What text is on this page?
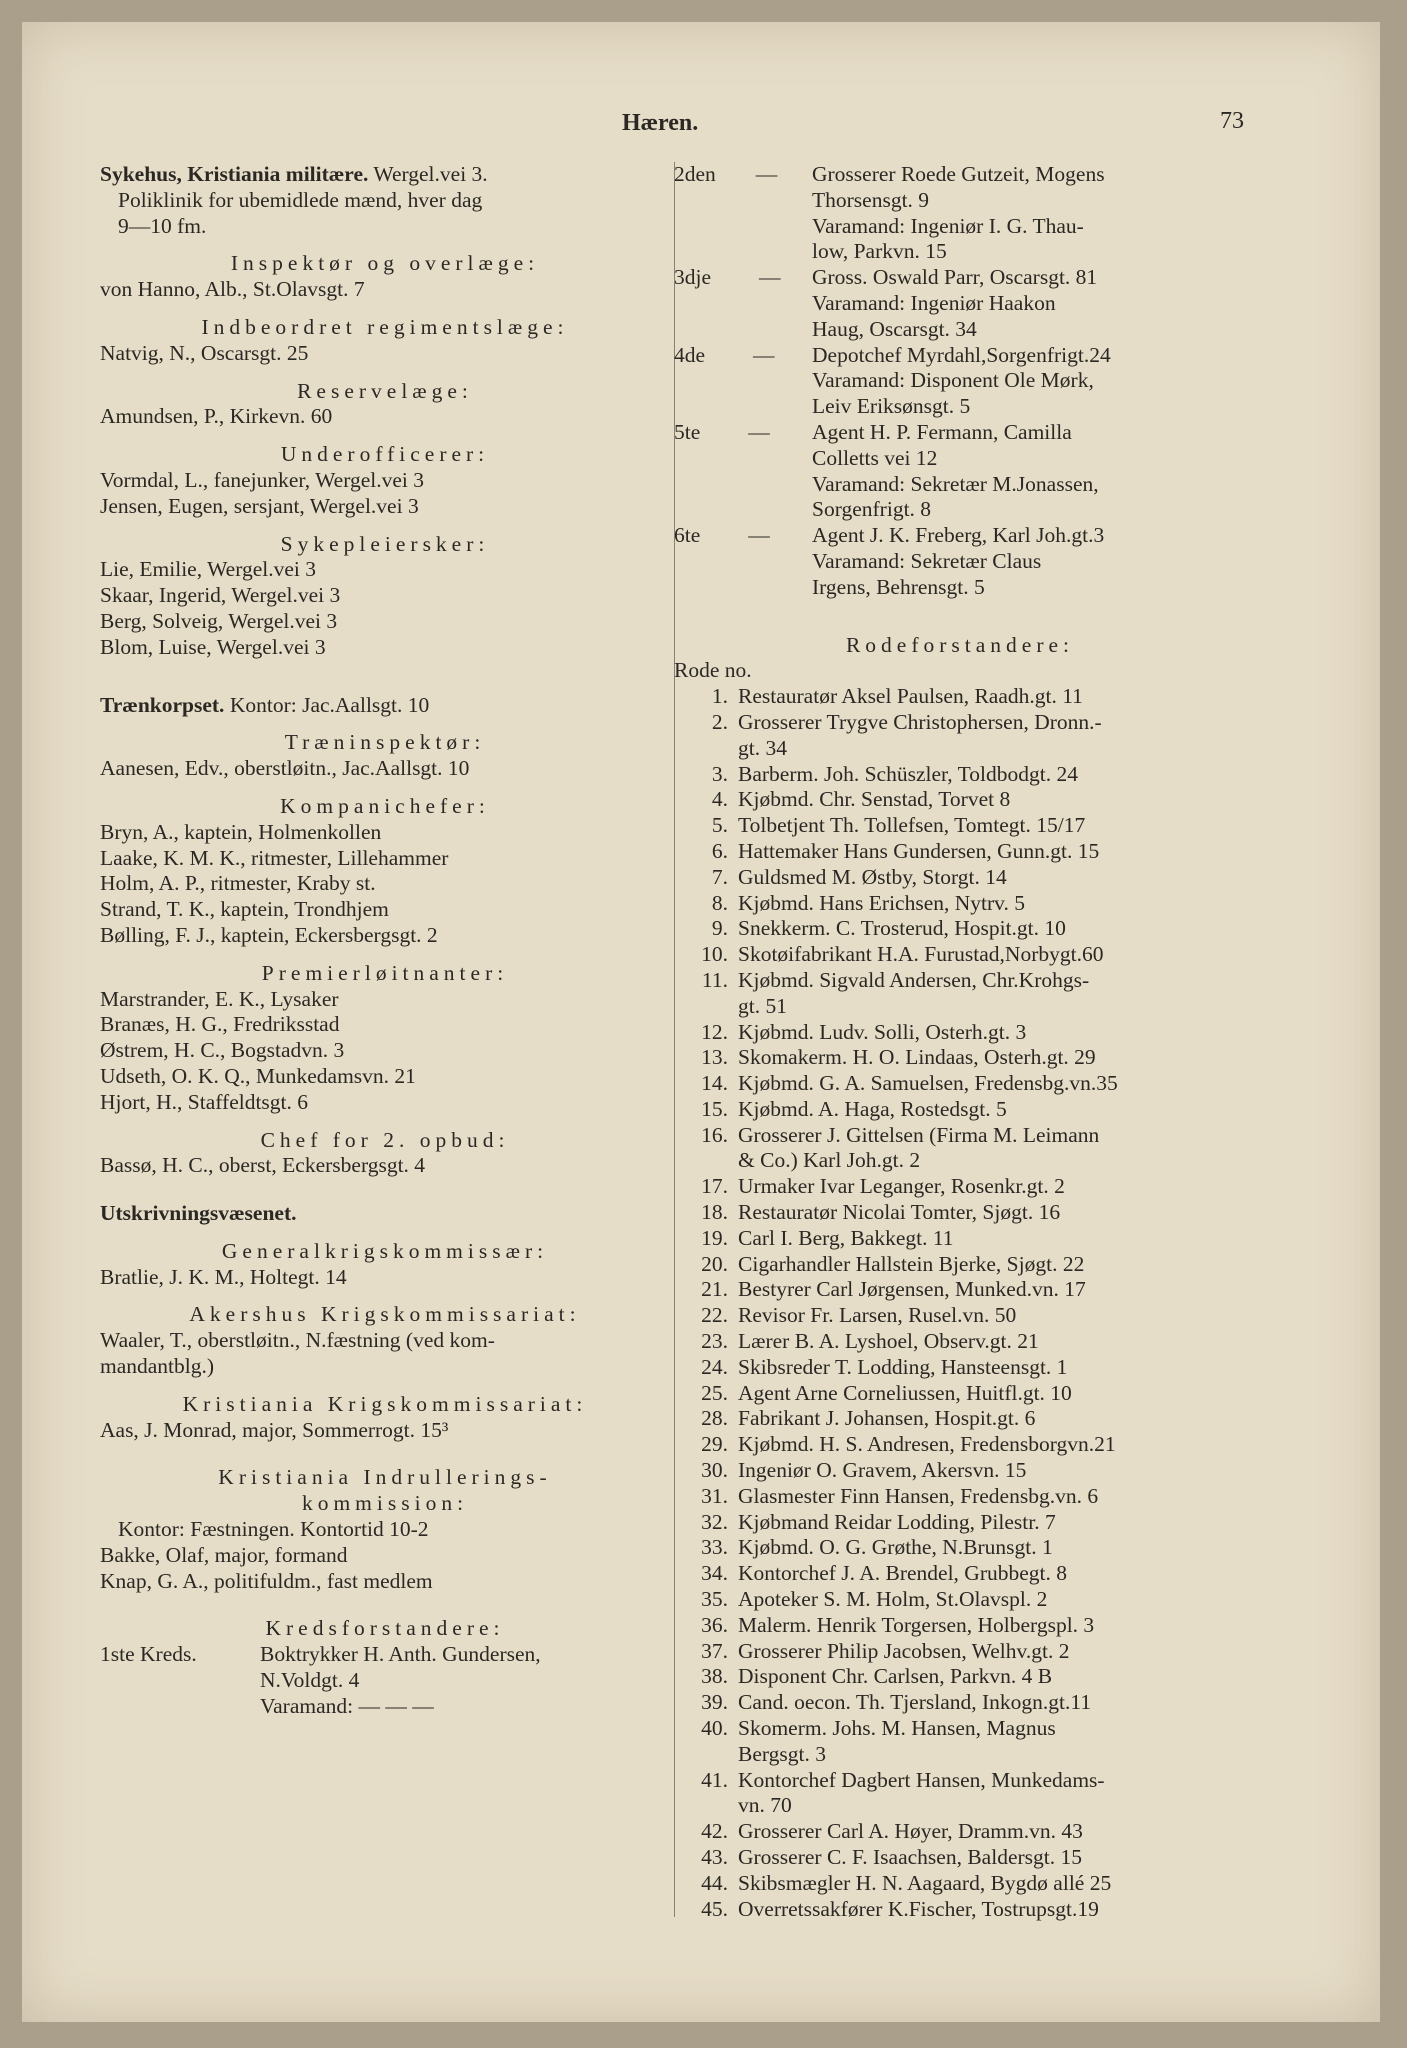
Hæren.	73
Sykehus, Kristiania militære. Wergel.vei 3.
Poliklinik for ubemidlede mænd, hver dag
9—10 fm.
Inspektør og overlæge:
von Hanno, Alb., St.Olavsgt. 7
Indbeordret regimentslæge:
Natvig, N., Oscarsgt. 25
Reservelæge:
Amundsen, P., Kirkevn. 60
Underofficerer:
Vormdal, L., fanejunker, Wergel.vei 3
Jensen, Eugen, sersjant, Wergel.vei 3
Sykepleiersker:
Lie, Emilie, Wergel.vei 3
Skaar, Ingerid, Wergel.vei 3
Berg, Solveig, Wergel.vei 3
Blom, Luise, Wergel.vei 3
Trænkorpset. Kontor: Jac.Aallsgt. 10
Træninspektør:
Aanesen, Edv., oberstløitn., Jac.Aallsgt. 10
Kompanichefer:
Bryn, A., kaptein, Holmenkollen
Laake, K. M. K., ritmester, Lillehammer
Holm, A. P., ritmester, Kraby st.
Strand, T. K., kaptein, Trondhjem
Bølling, F. J., kaptein, Eckersbergsgt. 2
Premierløitnanter:
Marstrander, E. K., Lysaker
Branæs, H. G., Fredriksstad
Østrem, H. C., Bogstadvn. 3
Udseth, O. K. Q., Munkedamsvn. 21
Hjort, H., Staffeldtsgt. 6
Chef for 2. opbud:
Bassø, H. C., oberst, Eckersbergsgt. 4
Utskrivningsvæsenet.
Generalkrigskommissær:
Bratlie, J. K. M., Holtegt. 14
Akershus Krigskommissariat:
Waaler, T., oberstløitn., N.fæstning (ved kom-
mandantblg.)
Kristiania Krigskommissariat:
Aas, J. Monrad, major, Sommerrogt. 15³
Kristiania Indrullerings-
kommission:
Kontor: Fæstningen. Kontortid 10-2
Bakke, Olaf, major, formand
Knap, G. A., politifuldm., fast medlem
Kredsforstandere:
1ste Kreds.	Boktrykker H. Anth. Gundersen,
N.Voldgt. 4
Varamand: — — —
2den —	Grosserer Roede Gutzeit, Mogens
Thorsensgt. 9
Varamand: Ingeniør I. G. Thau-
low, Parkvn. 15
3dje —	Gross. Oswald Parr, Oscarsgt. 81
Varamand: Ingeniør Haakon
Haug, Oscarsgt. 34
4de —	Depotchef Myrdahl,Sorgenfrigt.24
Varamand: Disponent Ole Mørk,
Leiv Eriksønsgt. 5
5te —	Agent H. P. Fermann, Camilla
Colletts vei 12
Varamand: Sekretær M.Jonassen,
Sorgenfrigt. 8
6te —	Agent J. K. Freberg, Karl Joh.gt.3
Varamand: Sekretær Claus
Irgens, Behrensgt. 5
Rodeforstandere:
Rode no.
1. Restauratør Aksel Paulsen, Raadh.gt. 11
2. Grosserer Trygve Christophersen, Dronn.-
gt. 34
3. Barberm. Joh. Schüszler, Toldbodgt. 24
4. Kjøbmd. Chr. Senstad, Torvet 8
5. Tolbetjent Th. Tollefsen, Tomtegt. 15/17
6. Hattemaker Hans Gundersen, Gunn.gt. 15
7. Guldsmed M. Østby, Storgt. 14
8. Kjøbmd. Hans Erichsen, Nytrv. 5
9. Snekkerm. C. Trosterud, Hospit.gt. 10
10. Skotøifabrikant H.A. Furustad,Norbygt.60
11. Kjøbmd. Sigvald Andersen, Chr.Krohgs-
gt. 51
12. Kjøbmd. Ludv. Solli, Osterh.gt. 3
13. Skomakerm. H. O. Lindaas, Osterh.gt. 29
14. Kjøbmd. G. A. Samuelsen, Fredensbg.vn.35
15. Kjøbmd. A. Haga, Rostedsgt. 5
16. Grosserer J. Gittelsen (Firma M. Leimann
& Co.) Karl Joh.gt. 2
17. Urmaker Ivar Leganger, Rosenkr.gt. 2
18. Restauratør Nicolai Tomter, Sjøgt. 16
19. Carl I. Berg, Bakkegt. 11
20. Cigarhandler Hallstein Bjerke, Sjøgt. 22
21. Bestyrer Carl Jørgensen, Munked.vn. 17
22. Revisor Fr. Larsen, Rusel.vn. 50
23. Lærer B. A. Lyshoel, Observ.gt. 21
24. Skibsreder T. Lodding, Hansteensgt. 1
25. Agent Arne Corneliussen, Huitfl.gt. 10
28. Fabrikant J. Johansen, Hospit.gt. 6
29. Kjøbmd. H. S. Andresen, Fredensborgvn.21
30. Ingeniør O. Gravem, Akersvn. 15
31. Glasmester Finn Hansen, Fredensbg.vn. 6
32. Kjøbmand Reidar Lodding, Pilestr. 7
33. Kjøbmd. O. G. Grøthe, N.Brunsgt. 1
34. Kontorchef J. A. Brendel, Grubbegt. 8
35. Apoteker S. M. Holm, St.Olavspl. 2
36. Malerm. Henrik Torgersen, Holbergspl. 3
37. Grosserer Philip Jacobsen, Welhv.gt. 2
38. Disponent Chr. Carlsen, Parkvn. 4 B
39. Cand. oecon. Th. Tjersland, Inkogn.gt.11
40. Skomerm. Johs. M. Hansen, Magnus
Bergsgt. 3
41. Kontorchef Dagbert Hansen, Munkedams-
vn. 70
42. Grosserer Carl A. Høyer, Dramm.vn. 43
43. Grosserer C. F. Isaachsen, Baldersgt. 15
44. Skibsmægler H. N. Aagaard, Bygdø allé 25
45. Overretssakfører K.Fischer, Tostrupsgt.19
